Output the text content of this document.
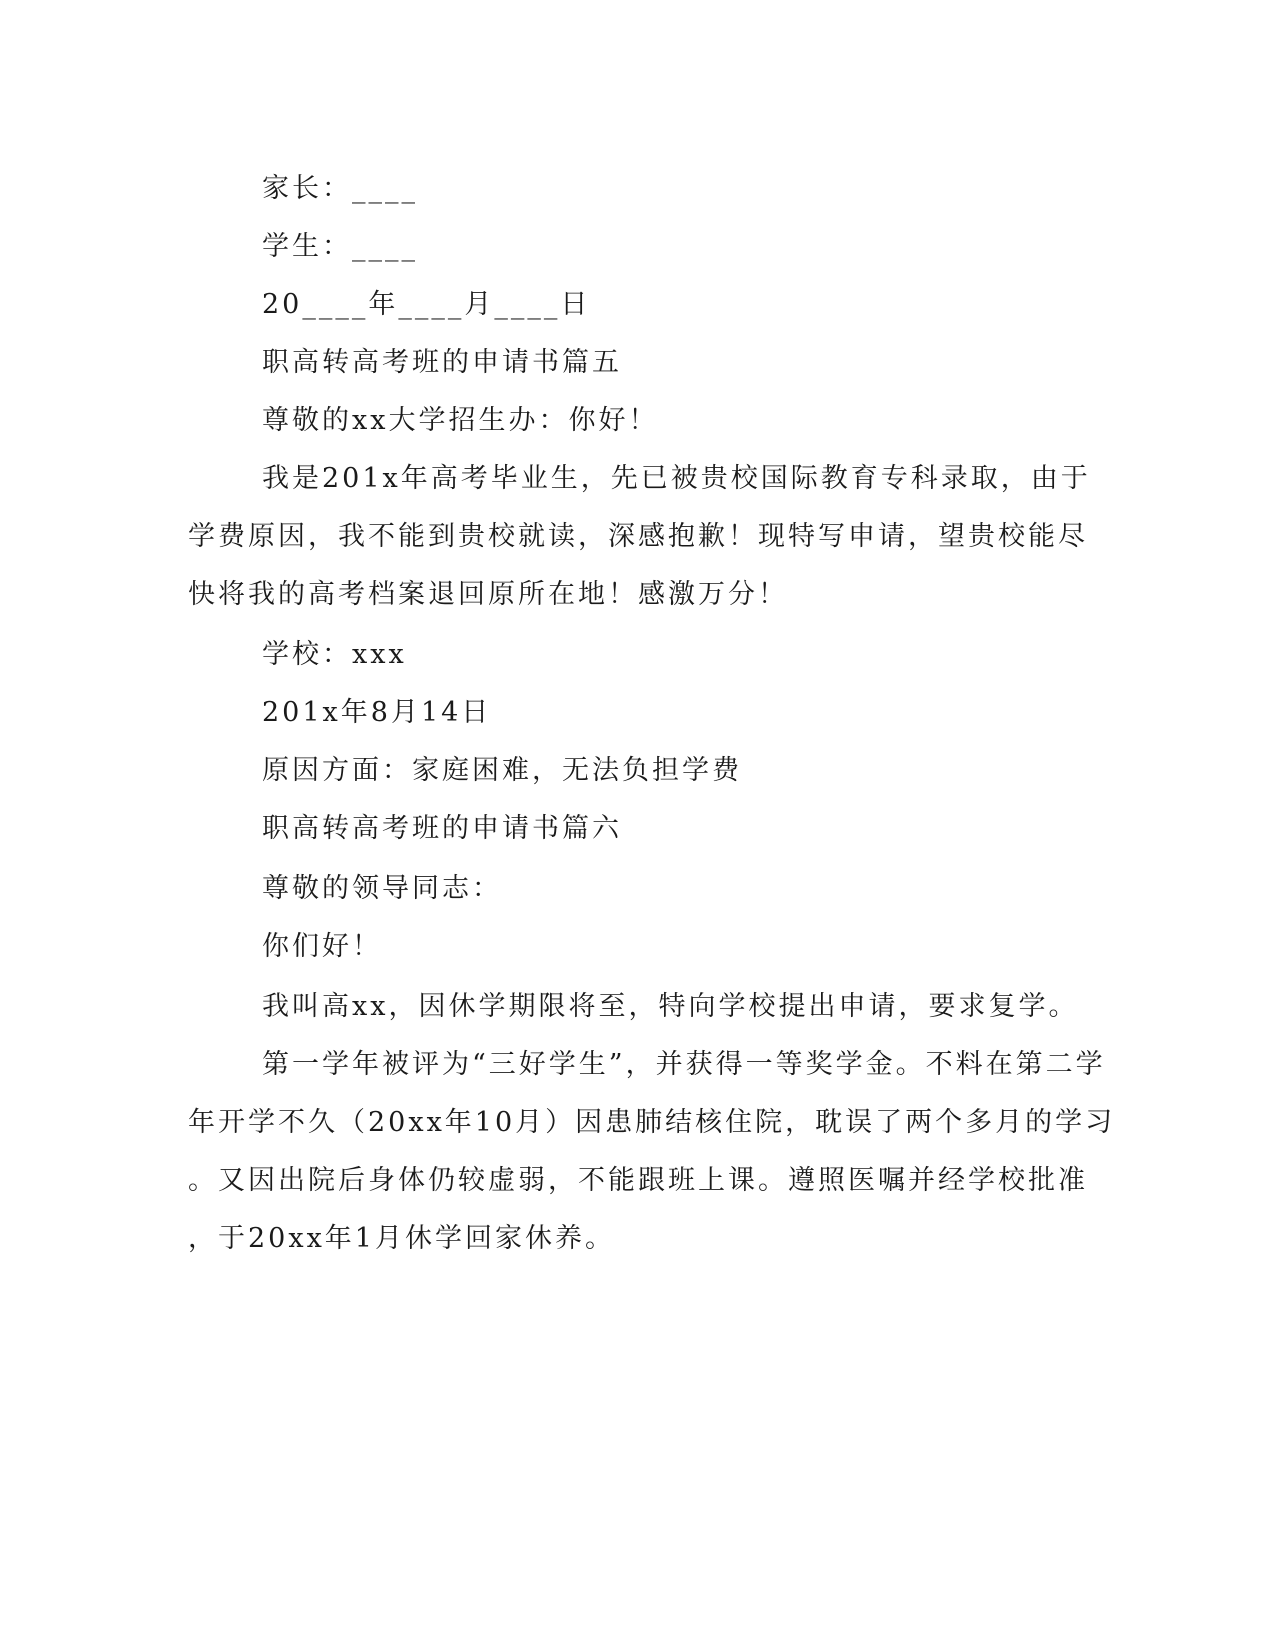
家长：____
学生：____
20____年____月____日
职高转高考班的申请书篇五
尊敬的xx大学招生办：你好！
我是201x年高考毕业生，先已被贵校国际教育专科录取，由于
学费原因，我不能到贵校就读，深感抱歉！现特写申请，望贵校能尽
快将我的高考档案退回原所在地！感激万分！
学校：xxx
201x年8月14日
原因方面：家庭困难，无法负担学费
职高转高考班的申请书篇六
尊敬的领导同志：
你们好！
我叫高xx，因休学期限将至，特向学校提出申请，要求复学。
第一学年被评为“三好学生”，并获得一等奖学金。不料在第二学
年开学不久（20xx年10月）因患肺结核住院，耽误了两个多月的学习
。又因出院后身体仍较虚弱，不能跟班上课。遵照医嘱并经学校批准
，于20xx年1月休学回家休养。
